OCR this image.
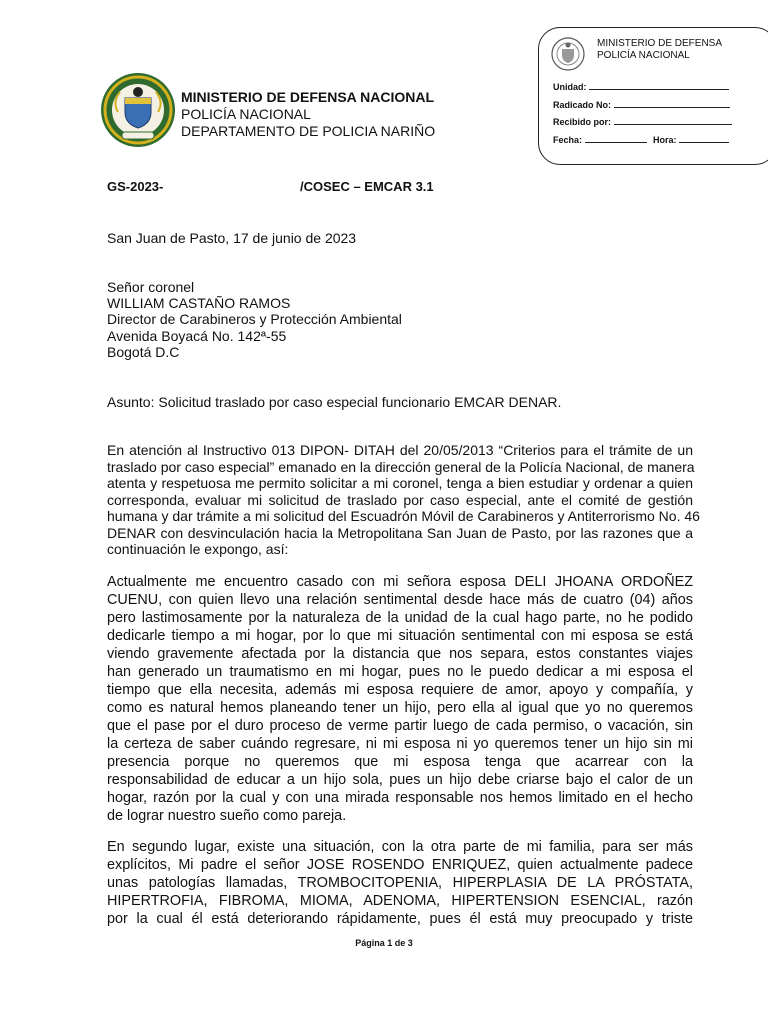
MINISTERIO DE DEFENSA NACIONAL
POLICÍA NACIONAL
DEPARTAMENTO DE POLICIA NARIÑO
MINISTERIO DE DEFENSA
POLICÍA NACIONAL
Unidad:
Radicado No:
Recibido por:
Fecha:	Hora:
GS-2023-	/COSEC – EMCAR 3.1
San Juan de Pasto, 17 de junio de 2023
Señor coronel
WILLIAM CASTAÑO RAMOS
Director de Carabineros y Protección Ambiental
Avenida Boyacá No. 142ª-55
Bogotá D.C
Asunto: Solicitud traslado por caso especial funcionario EMCAR DENAR.
En atención al Instructivo 013 DIPON- DITAH del 20/05/2013 “Criterios para el trámite de un
traslado por caso especial” emanado en la dirección general de la Policía Nacional, de manera
atenta y respetuosa me permito solicitar a mi coronel, tenga a bien estudiar y ordenar a quien
corresponda, evaluar mi solicitud de traslado por caso especial, ante el comité de gestión
humana y dar trámite a mi solicitud del Escuadrón Móvil de Carabineros y Antiterrorismo No. 46
DENAR con desvinculación hacia la Metropolitana San Juan de Pasto, por las razones que a
continuación le expongo, así:
Actualmente me encuentro casado con mi señora esposa DELI JHOANA ORDOÑEZ
CUENU, con quien llevo una relación sentimental desde hace más de cuatro (04) años
pero lastimosamente por la naturaleza de la unidad de la cual hago parte, no he podido
dedicarle tiempo a mi hogar, por lo que mi situación sentimental con mi esposa se está
viendo gravemente afectada por la distancia que nos separa, estos constantes viajes
han generado un traumatismo en mi hogar, pues no le puedo dedicar a mi esposa el
tiempo que ella necesita, además mi esposa requiere de amor, apoyo y compañía, y
como es natural hemos planeando tener un hijo, pero ella al igual que yo no queremos
que el pase por el duro proceso de verme partir luego de cada permiso, o vacación, sin
la certeza de saber cuándo regresare, ni mi esposa ni yo queremos tener un hijo sin mi
presencia porque no queremos que mi esposa tenga que acarrear con la
responsabilidad de educar a un hijo sola, pues un hijo debe criarse bajo el calor de un
hogar, razón por la cual y con una mirada responsable nos hemos limitado en el hecho
de lograr nuestro sueño como pareja.
En segundo lugar, existe una situación, con la otra parte de mi familia, para ser más
explícitos, Mi padre el señor JOSE ROSENDO ENRIQUEZ, quien actualmente padece
unas patologías llamadas, TROMBOCITOPENIA, HIPERPLASIA DE LA PRÓSTATA,
HIPERTROFIA, FIBROMA, MIOMA, ADENOMA, HIPERTENSION ESENCIAL, razón
por la cual él está deteriorando rápidamente, pues él está muy preocupado y triste
Página 1 de 3
